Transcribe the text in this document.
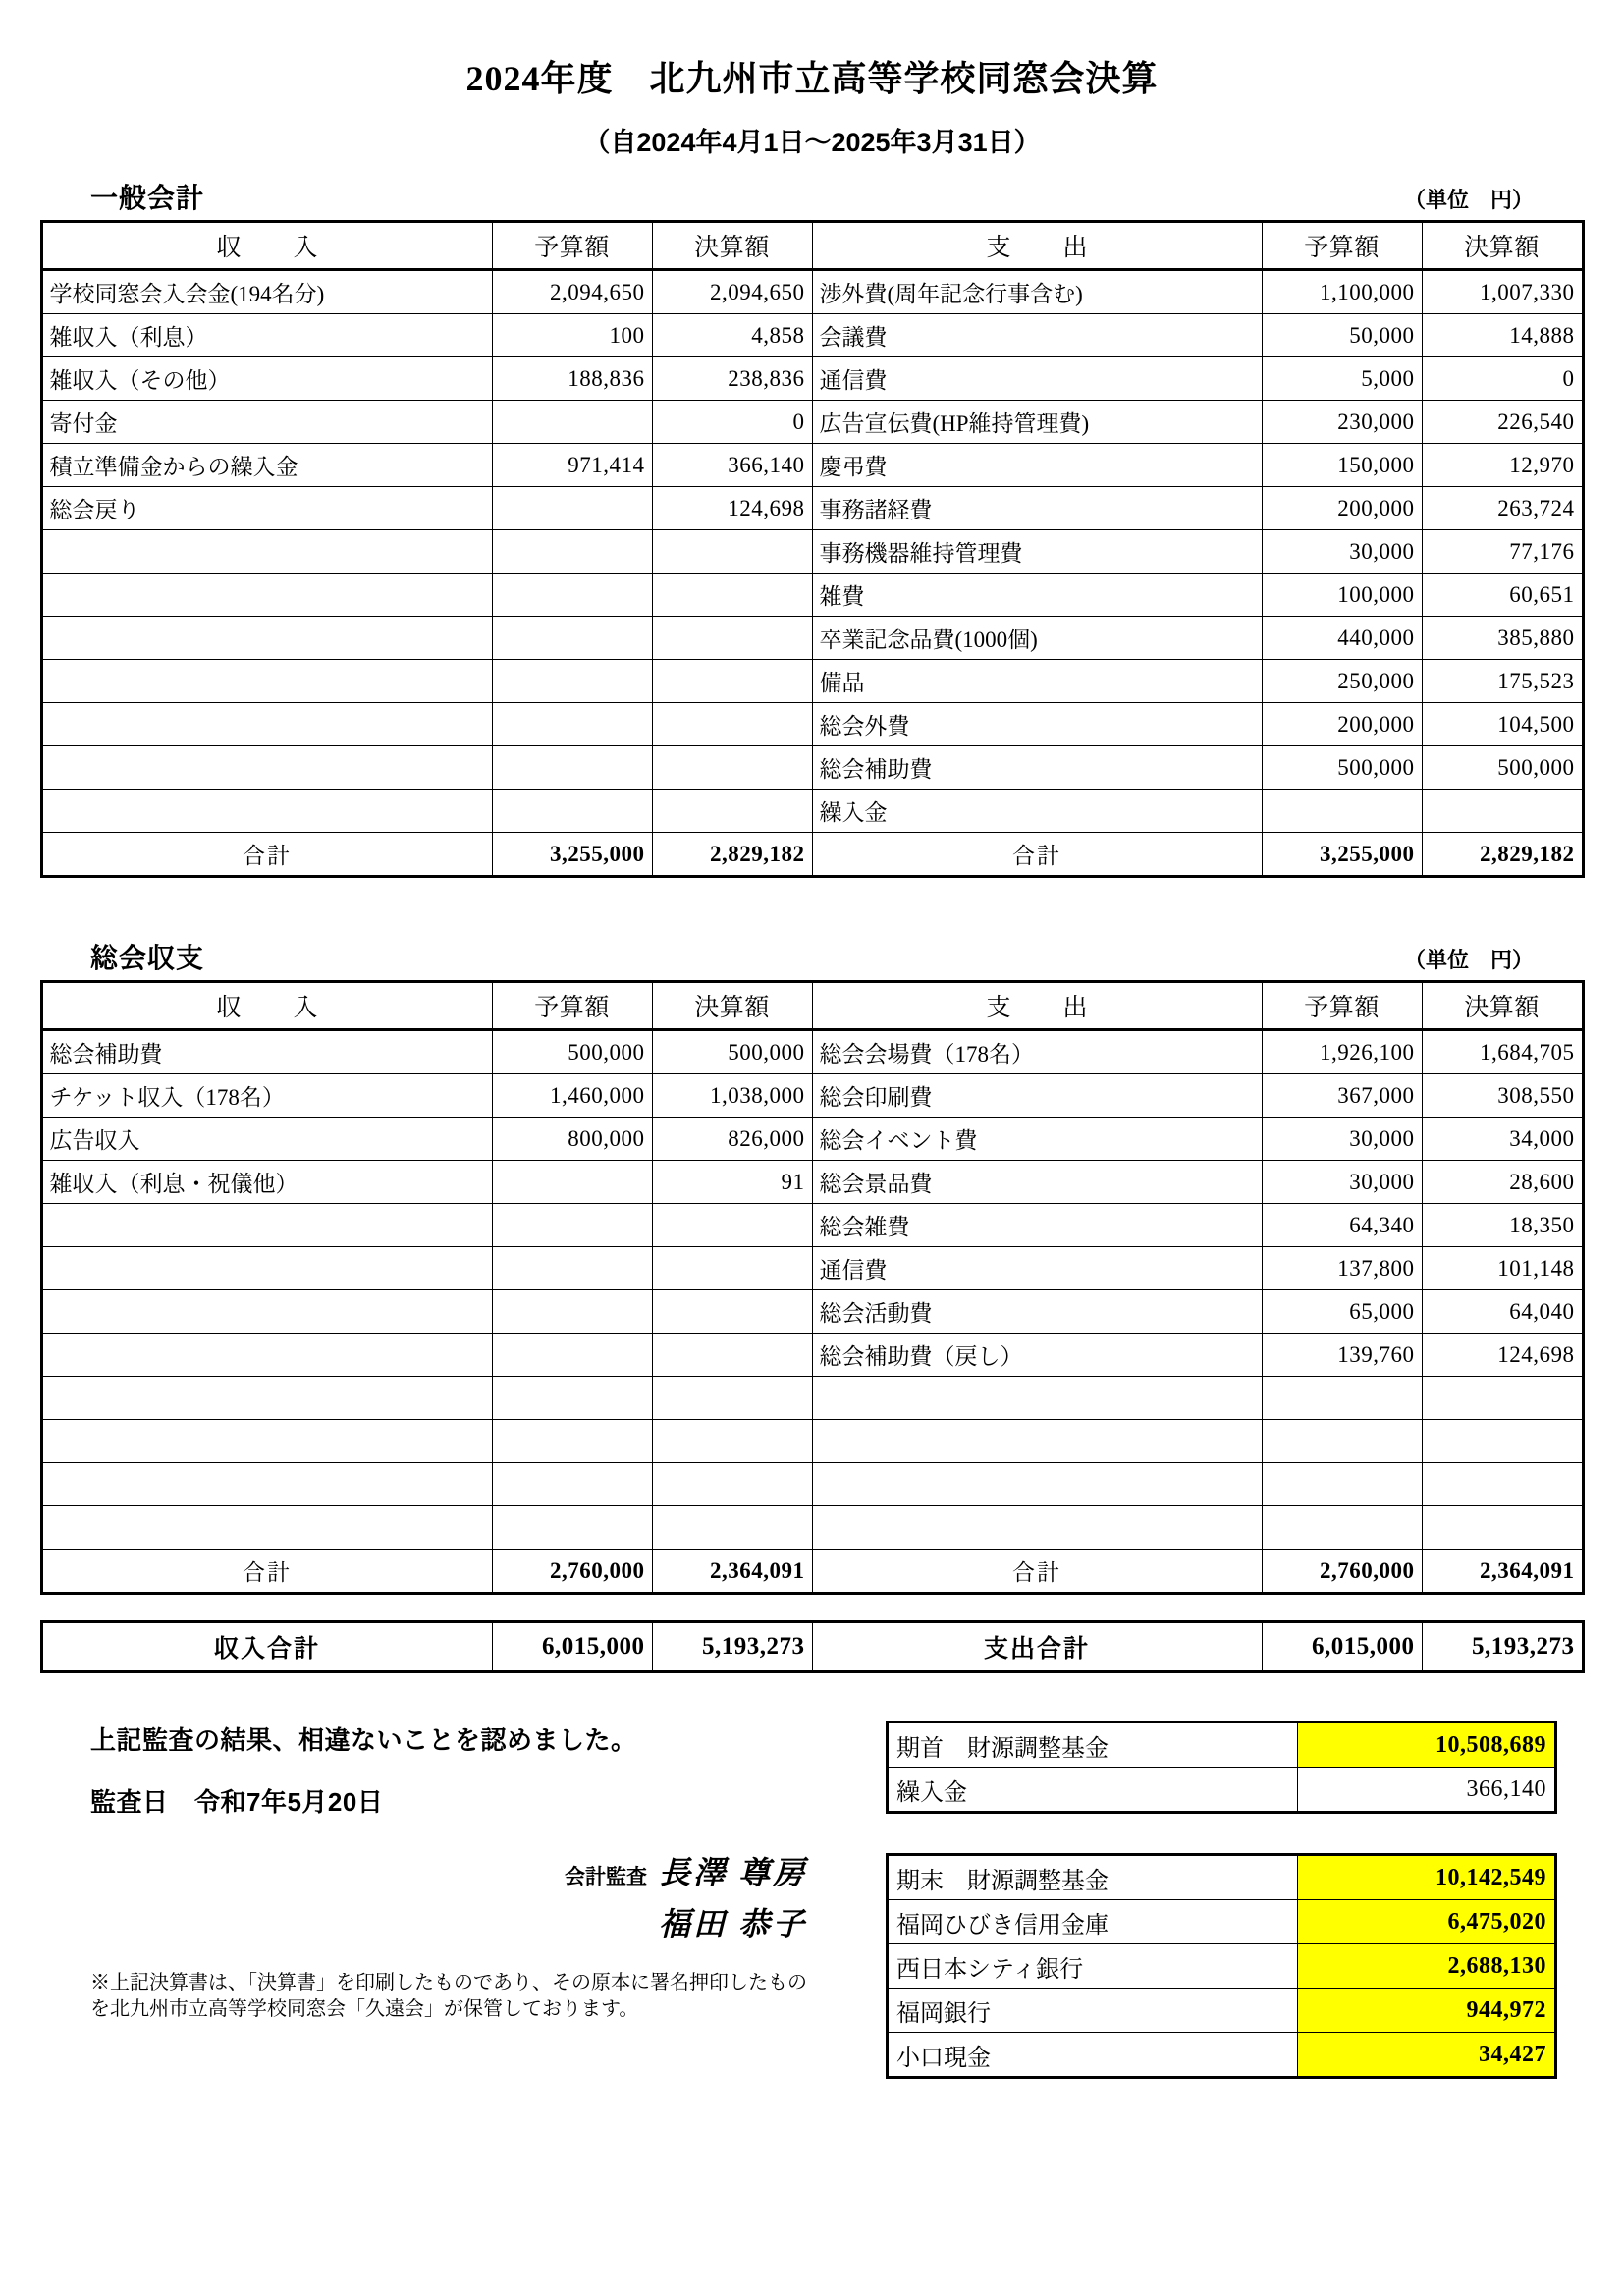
2024年度　北九州市立高等学校同窓会決算
（自2024年4月1日～2025年3月31日）
一般会計	（単位　円）
収　入	予算額	決算額	支　出	予算額	決算額
学校同窓会入会金(194名分)	2,094,650	2,094,650	渉外費(周年記念行事含む)	1,100,000	1,007,330
雑収入（利息）	100	4,858	会議費	50,000	14,888
雑収入（その他）	188,836	238,836	通信費	5,000	0
寄付金		0	広告宣伝費(HP維持管理費)	230,000	226,540
積立準備金からの繰入金	971,414	366,140	慶弔費	150,000	12,970
総会戻り		124,698	事務諸経費	200,000	263,724
			事務機器維持管理費	30,000	77,176
			雑費	100,000	60,651
			卒業記念品費(1000個)	440,000	385,880
			備品	250,000	175,523
			総会外費	200,000	104,500
			総会補助費	500,000	500,000
			繰入金		
合計	3,255,000	2,829,182	合計	3,255,000	2,829,182
総会収支	（単位　円）
収　入	予算額	決算額	支　出	予算額	決算額
総会補助費	500,000	500,000	総会会場費（178名）	1,926,100	1,684,705
チケット収入（178名）	1,460,000	1,038,000	総会印刷費	367,000	308,550
広告収入	800,000	826,000	総会イベント費	30,000	34,000
雑収入（利息・祝儀他）		91	総会景品費	30,000	28,600
			総会雑費	64,340	18,350
			通信費	137,800	101,148
			総会活動費	65,000	64,040
			総会補助費（戻し）	139,760	124,698

合計	2,760,000	2,364,091	合計	2,760,000	2,364,091
収入合計	6,015,000	5,193,273	支出合計	6,015,000	5,193,273
上記監査の結果、相違ないことを認めました。
監査日　令和7年5月20日
会計監査 長澤 尊房
福田 恭子
※上記決算書は、「決算書」を印刷したものであり、その原本に署名押印したものを北九州市立高等学校同窓会「久遠会」が保管しております。
期首　財源調整基金	10,508,689
繰入金	366,140
期末　財源調整基金	10,142,549
福岡ひびき信用金庫	6,475,020
西日本シティ銀行	2,688,130
福岡銀行	944,972
小口現金	34,427
